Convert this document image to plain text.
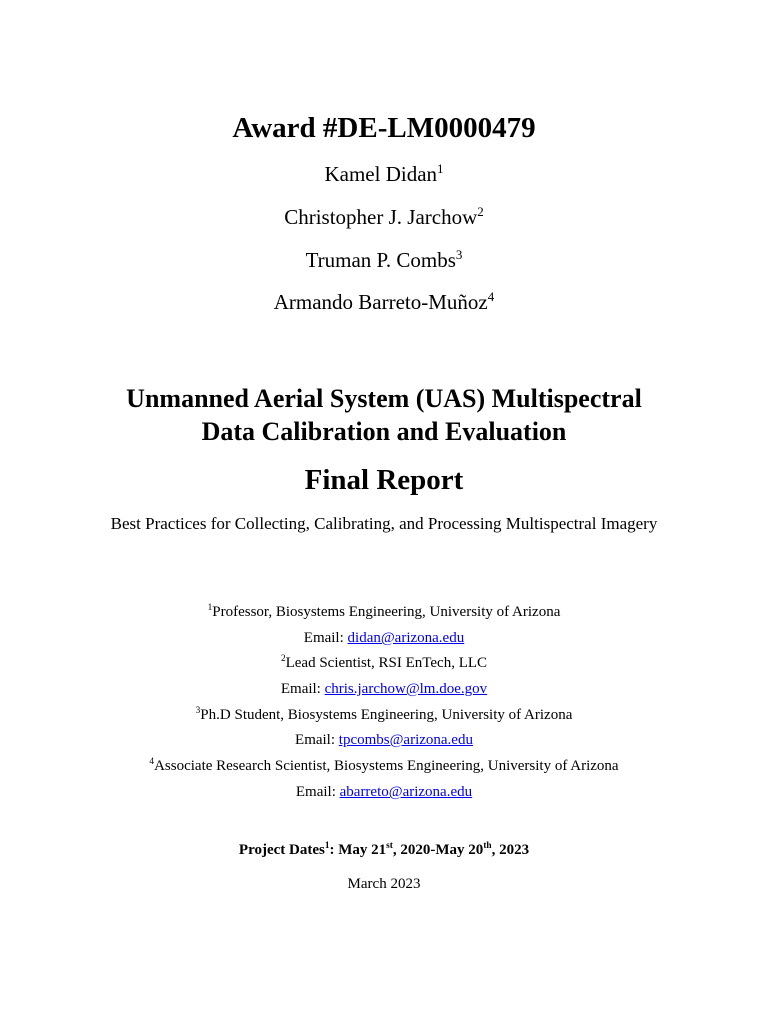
Award #DE-LM0000479
Kamel Didan$^1$
Christopher J. Jarchow$^2$
Truman P. Combs$^3$
Armando Barreto-Muñoz$^4$
Unmanned Aerial System (UAS) Multispectral
Data Calibration and Evaluation
Final Report
Best Practices for Collecting, Calibrating, and Processing Multispectral Imagery
$^1$Professor, Biosystems Engineering, University of Arizona
Email: didan@arizona.edu
$^2$Lead Scientist, RSI EnTech, LLC
Email: chris.jarchow@lm.doe.gov
$^3$Ph.D Student, Biosystems Engineering, University of Arizona
Email: tpcombs@arizona.edu
$^4$Associate Research Scientist, Biosystems Engineering, University of Arizona
Email: abarreto@arizona.edu
Project Dates$^1$: May 21st, 2020-May 20th, 2023
March 2023
